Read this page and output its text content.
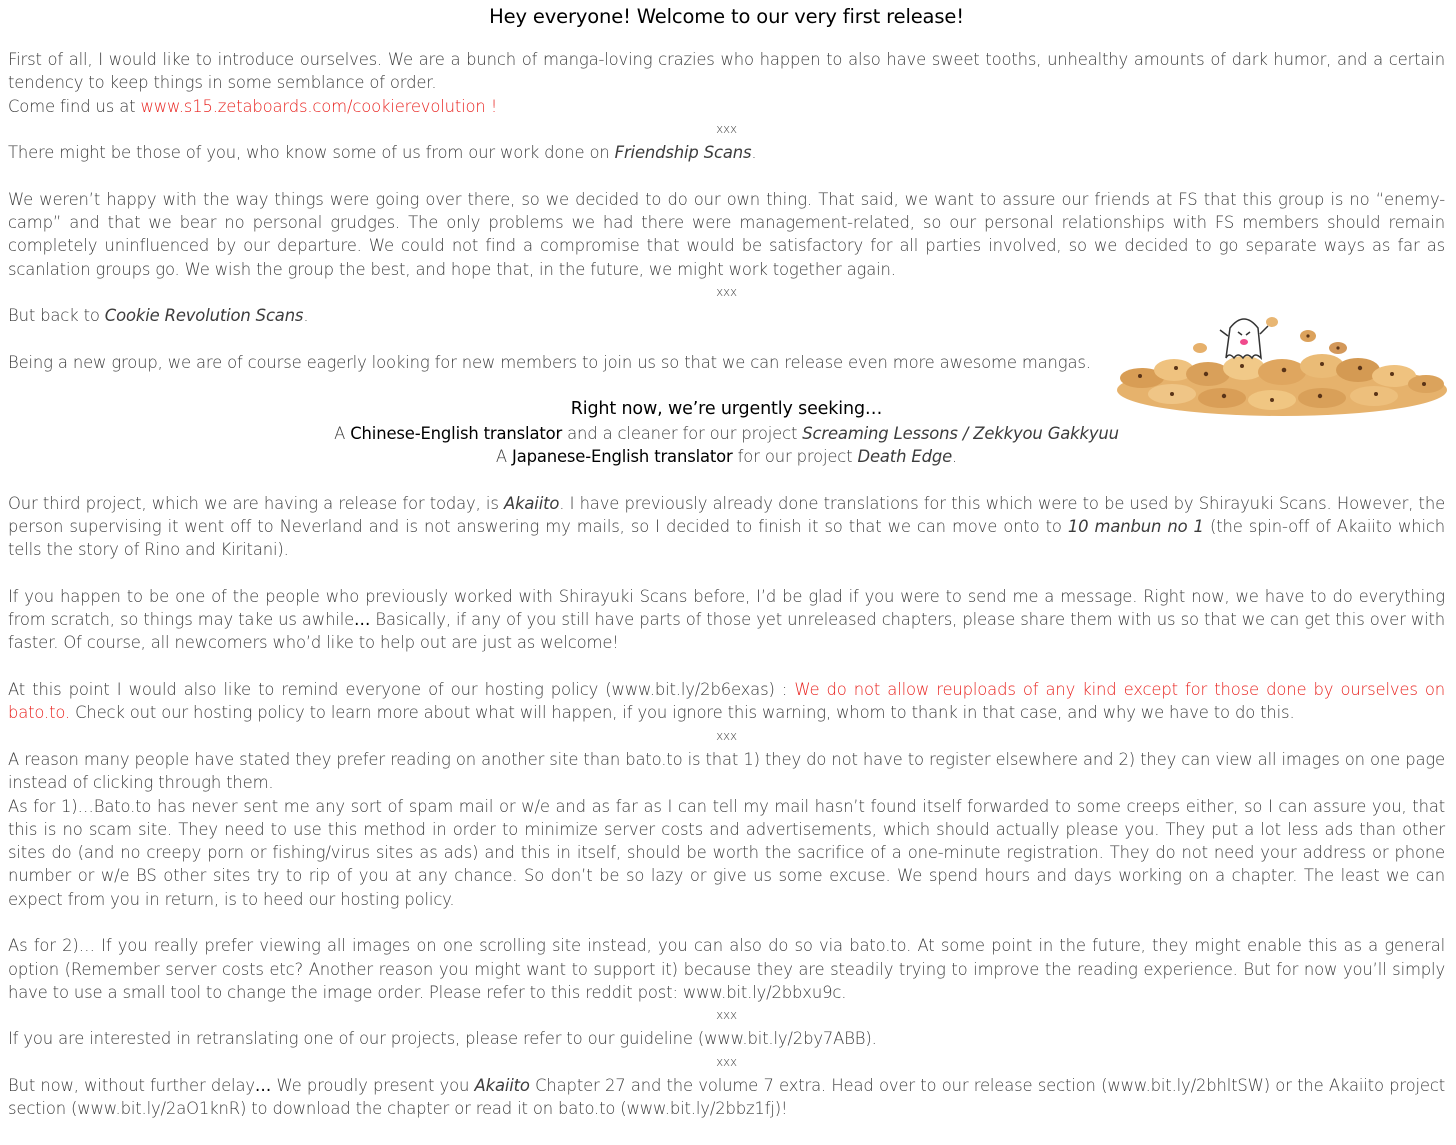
Hey everyone! Welcome to our very first release!

First of all, I would like to introduce ourselves. We are a bunch of manga-loving crazies who happen to also have sweet tooths, unhealthy amounts of dark humor, and a certain tendency to keep things in some semblance of order.
Come find us at www.s15.zetaboards.com/cookierevolution !

xxx

There might be those of you, who know some of us from our work done on Friendship Scans.

We weren’t happy with the way things were going over there, so we decided to do our own thing. That said, we want to assure our friends at FS that this group is no “enemy-camp” and that we bear no personal grudges. The only problems we had there were management-related, so our personal relationships with FS members should remain completely uninfluenced by our departure. We could not find a compromise that would be satisfactory for all parties involved, so we decided to go separate ways as far as scanlation groups go. We wish the group the best, and hope that, in the future, we might work together again.

xxx

But back to Cookie Revolution Scans.

Being a new group, we are of course eagerly looking for new members to join us so that we can release even more awesome mangas.

Right now, we’re urgently seeking…

A Chinese-English translator and a cleaner for our project Screaming Lessons / Zekkyou Gakkyuu

A Japanese-English translator for our project Death Edge.

Our third project, which we are having a release for today, is Akaiito. I have previously already done translations for this which were to be used by Shirayuki Scans. However, the person supervising it went off to Neverland and is not answering my mails, so I decided to finish it so that we can move onto to 10 manbun no 1 (the spin-off of Akaiito which tells the story of Rino and Kiritani).

If you happen to be one of the people who previously worked with Shirayuki Scans before, I’d be glad if you were to send me a message. Right now, we have to do everything from scratch, so things may take us awhile… Basically, if any of you still have parts of those yet unreleased chapters, please share them with us so that we can get this over with faster. Of course, all newcomers who’d like to help out are just as welcome!

At this point I would also like to remind everyone of our hosting policy (www.bit.ly/2b6exas) : We do not allow reuploads of any kind except for those done by ourselves on bato.to. Check out our hosting policy to learn more about what will happen, if you ignore this warning, whom to thank in that case, and why we have to do this.

xxx

A reason many people have stated they prefer reading on another site than bato.to is that 1) they do not have to register elsewhere and 2) they can view all images on one page instead of clicking through them.

As for 1)…Bato.to has never sent me any sort of spam mail or w/e and as far as I can tell my mail hasn’t found itself forwarded to some creeps either, so I can assure you, that this is no scam site. They need to use this method in order to minimize server costs and advertisements, which should actually please you. They put a lot less ads than other sites do (and no creepy porn or fishing/virus sites as ads) and this in itself, should be worth the sacrifice of a one-minute registration. They do not need your address or phone number or w/e BS other sites try to rip of you at any chance. So don’t be so lazy or give us some excuse. We spend hours and days working on a chapter. The least we can expect from you in return, is to heed our hosting policy.

As for 2)… If you really prefer viewing all images on one scrolling site instead, you can also do so via bato.to. At some point in the future, they might enable this as a general option (Remember server costs etc? Another reason you might want to support it) because they are steadily trying to improve the reading experience. But for now you’ll simply have to use a small tool to change the image order. Please refer to this reddit post: www.bit.ly/2bbxu9c.

xxx

If you are interested in retranslating one of our projects, please refer to our guideline (www.bit.ly/2by7ABB).

xxx

But now, without further delay… We proudly present you Akaiito Chapter 27 and the volume 7 extra. Head over to our release section (www.bit.ly/2bhltSW) or the Akaiito project section (www.bit.ly/2aO1knR) to download the chapter or read it on bato.to (www.bit.ly/2bbz1fj)!
